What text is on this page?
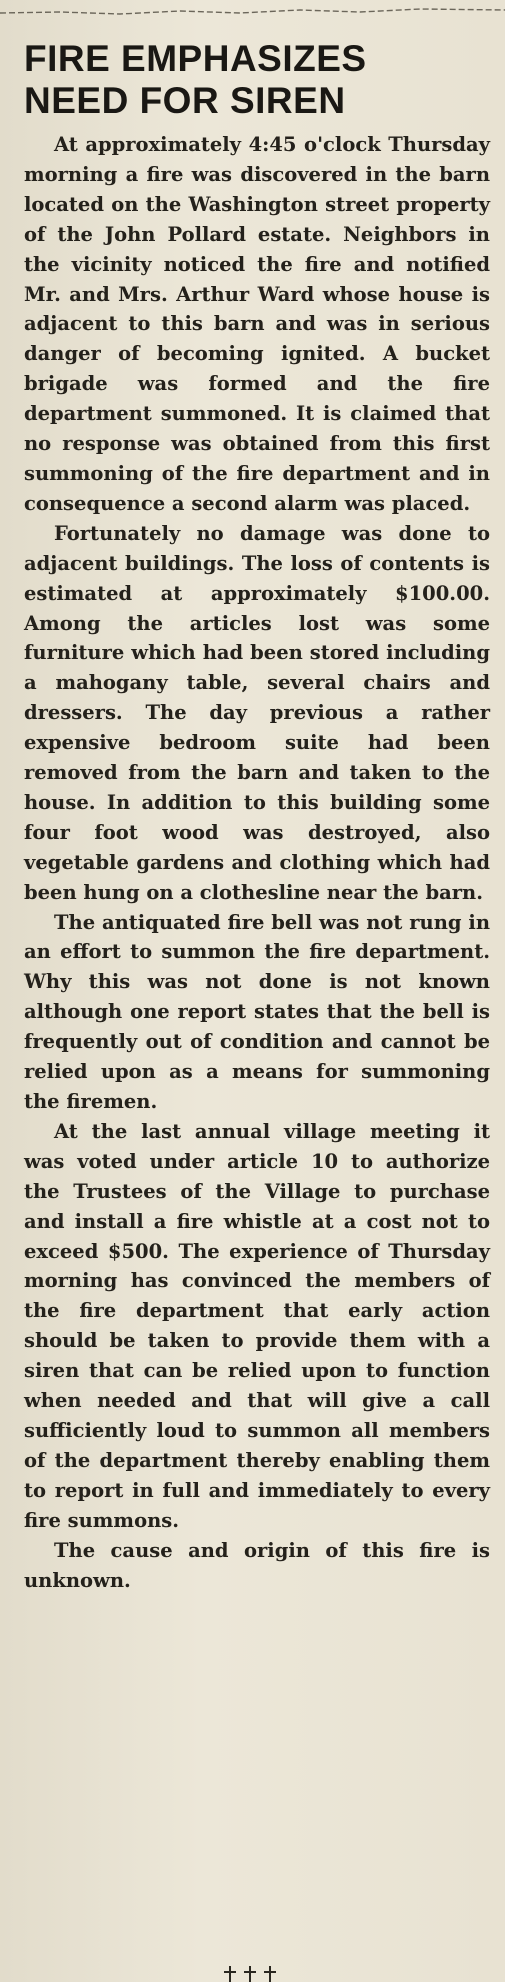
FIRE EMPHASIZES
NEED FOR SIREN

At approximately 4:45 o'clock Thursday morning a fire was discovered in the barn located on the Washington street property of the John Pollard estate. Neighbors in the vicinity noticed the fire and notified Mr. and Mrs. Arthur Ward whose house is adjacent to this barn and was in serious danger of becoming ignited. A bucket brigade was formed and the fire department summoned. It is claimed that no response was obtained from this first summoning of the fire department and in consequence a second alarm was placed.

Fortunately no damage was done to adjacent buildings. The loss of contents is estimated at approximately $100.00. Among the articles lost was some furniture which had been stored including a mahogany table, several chairs and dressers. The day previous a rather expensive bedroom suite had been removed from the barn and taken to the house. In addition to this building some four foot wood was destroyed, also vegetable gardens and clothing which had been hung on a clothesline near the barn.

The antiquated fire bell was not rung in an effort to summon the fire department. Why this was not done is not known although one report states that the bell is frequently out of condition and cannot be relied upon as a means for summoning the firemen.

At the last annual village meeting it was voted under article 10 to authorize the Trustees of the Village to purchase and install a fire whistle at a cost not to exceed $500. The experience of Thursday morning has convinced the members of the fire department that early action should be taken to provide them with a siren that can be relied upon to function when needed and that will give a call sufficiently loud to summon all members of the department thereby enabling them to report in full and immediately to every fire summons.

The cause and origin of this fire is unknown.
